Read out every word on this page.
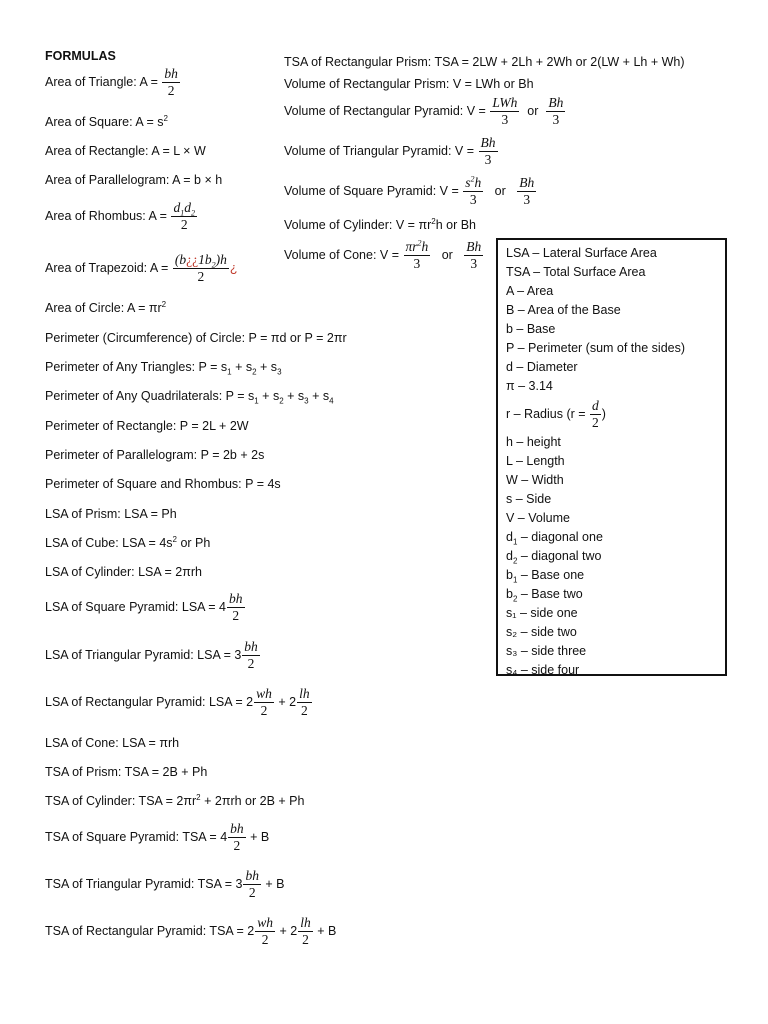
FORMULAS
Area of Triangle: $A = \frac{bh}{2}$
Area of Square: $A = s^2$
Area of Rectangle: A = L × W
Area of Parallelogram: A = b × h
Area of Rhombus: $A = \frac{d_1d_2}{2}$
Area of Trapezoid: $A = \frac{(b¿¿1b_2)h}{2}$ ¿
Area of Circle: $A = \pi r^2$
Perimeter (Circumference) of Circle: P = πd or P = 2πr
Perimeter of Any Triangles: $P = s_1 + s_2 + s_3$
Perimeter of Any Quadrilaterals: $P = s_1 + s_2 + s_3 + s_4$
Perimeter of Rectangle: P = 2L + 2W
Perimeter of Parallelogram: P = 2b + 2s
Perimeter of Square and Rhombus: P = 4s
LSA of Prism: LSA = Ph
LSA of Cube: LSA = $4s^2$ or Ph
LSA of Cylinder: LSA = 2πrh
LSA of Square Pyramid: LSA = $4 \frac{bh}{2}$
LSA of Triangular Pyramid: LSA = $3 \frac{bh}{2}$
LSA of Rectangular Pyramid: LSA = $2 \frac{wh}{2} + 2 \frac{lh}{2}$
LSA of Cone: LSA = πrh
TSA of Prism: TSA = 2B + Ph
TSA of Cylinder: TSA = $2\pi r^2 + 2\pi rh$ or 2B + Ph
TSA of Square Pyramid: TSA = $4 \frac{bh}{2} + B$
TSA of Triangular Pyramid: TSA = $3 \frac{bh}{2} + B$
TSA of Rectangular Pyramid: TSA = $2 \frac{wh}{2} + 2 \frac{lh}{2} + B$
TSA of Rectangular Prism: TSA = 2LW + 2Lh + 2Wh or 2(LW + Lh + Wh)
Volume of Rectangular Prism: V = LWh or Bh
Volume of Rectangular Pyramid: $V = \frac{\text{LWh}}{3}$ or $\frac{Bh}{3}$
Volume of Triangular Pyramid: $V = \frac{Bh}{3}$
Volume of Square Pyramid: $V = \frac{s^2h}{3}$ or $\frac{Bh}{3}$
Volume of Cylinder: $V = \pi r^2h$ or Bh
Volume of Cone: $V = \frac{\pi r^2h}{3}$ or $\frac{Bh}{3}$ LSA – Lateral Surface Area
TSA – Total Surface Area
A – Area
B – Area of the Base
b – Base
P – Perimeter (sum of the sides)
d – Diameter
π – 3.14
r – Radius ($r = \frac{d}{2}$ )
h – height
L – Length
W – Width
s – Side
V – Volume
$d_1$ – diagonal one
$d_2$ – diagonal two
$b_1$ – Base one
$b_2$ – Base two
s₁ – side one
s₂ – side two
s₃ – side three
s₄ – side four
